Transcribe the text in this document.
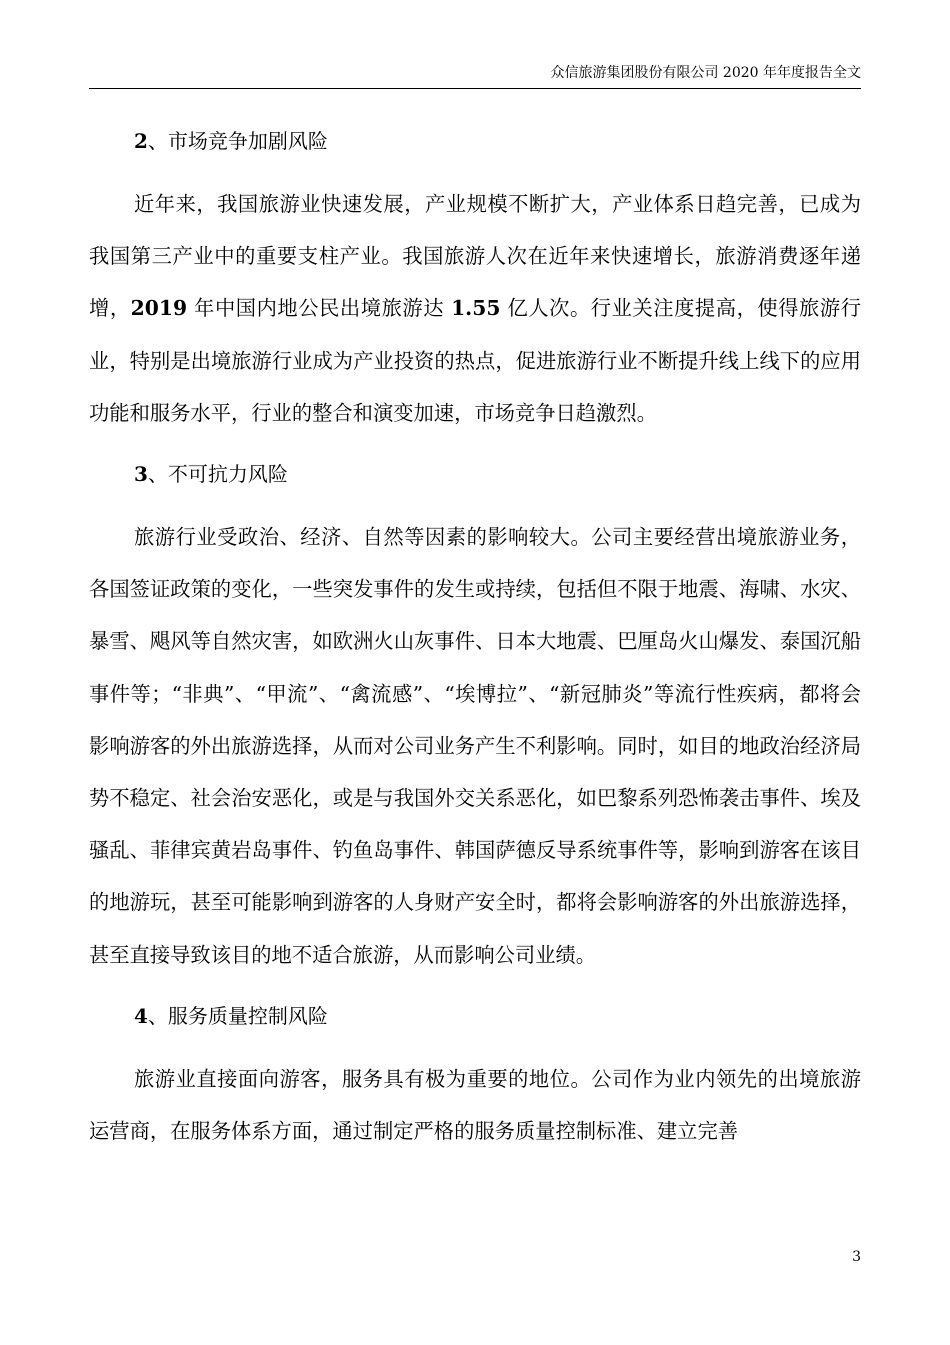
众信旅游集团股份有限公司 2020 年年度报告全文
2、市场竞争加剧风险

近年来，我国旅游业快速发展，产业规模不断扩大，产业体系日趋完善，已成为我国第三产业中的重要支柱产业。我国旅游人次在近年来快速增长，旅游消费逐年递增，2019 年中国内地公民出境旅游达 1.55 亿人次。行业关注度提高，使得旅游行业，特别是出境旅游行业成为产业投资的热点，促进旅游行业不断提升线上线下的应用功能和服务水平，行业的整合和演变加速，市场竞争日趋激烈。

3、不可抗力风险

旅游行业受政治、经济、自然等因素的影响较大。公司主要经营出境旅游业务，各国签证政策的变化，一些突发事件的发生或持续，包括但不限于地震、海啸、水灾、暴雪、飓风等自然灾害，如欧洲火山灰事件、日本大地震、巴厘岛火山爆发、泰国沉船事件等；“非典”、“甲流”、“禽流感”、“埃博拉”、“新冠肺炎”等流行性疾病，都将会影响游客的外出旅游选择，从而对公司业务产生不利影响。同时，如目的地政治经济局势不稳定、社会治安恶化，或是与我国外交关系恶化，如巴黎系列恐怖袭击事件、埃及骚乱、菲律宾黄岩岛事件、钓鱼岛事件、韩国萨德反导系统事件等，影响到游客在该目的地游玩，甚至可能影响到游客的人身财产安全时，都将会影响游客的外出旅游选择，甚至直接导致该目的地不适合旅游，从而影响公司业绩。

4、服务质量控制风险

旅游业直接面向游客，服务具有极为重要的地位。公司作为业内领先的出境旅游运营商，在服务体系方面，通过制定严格的服务质量控制标准、建立完善

3
